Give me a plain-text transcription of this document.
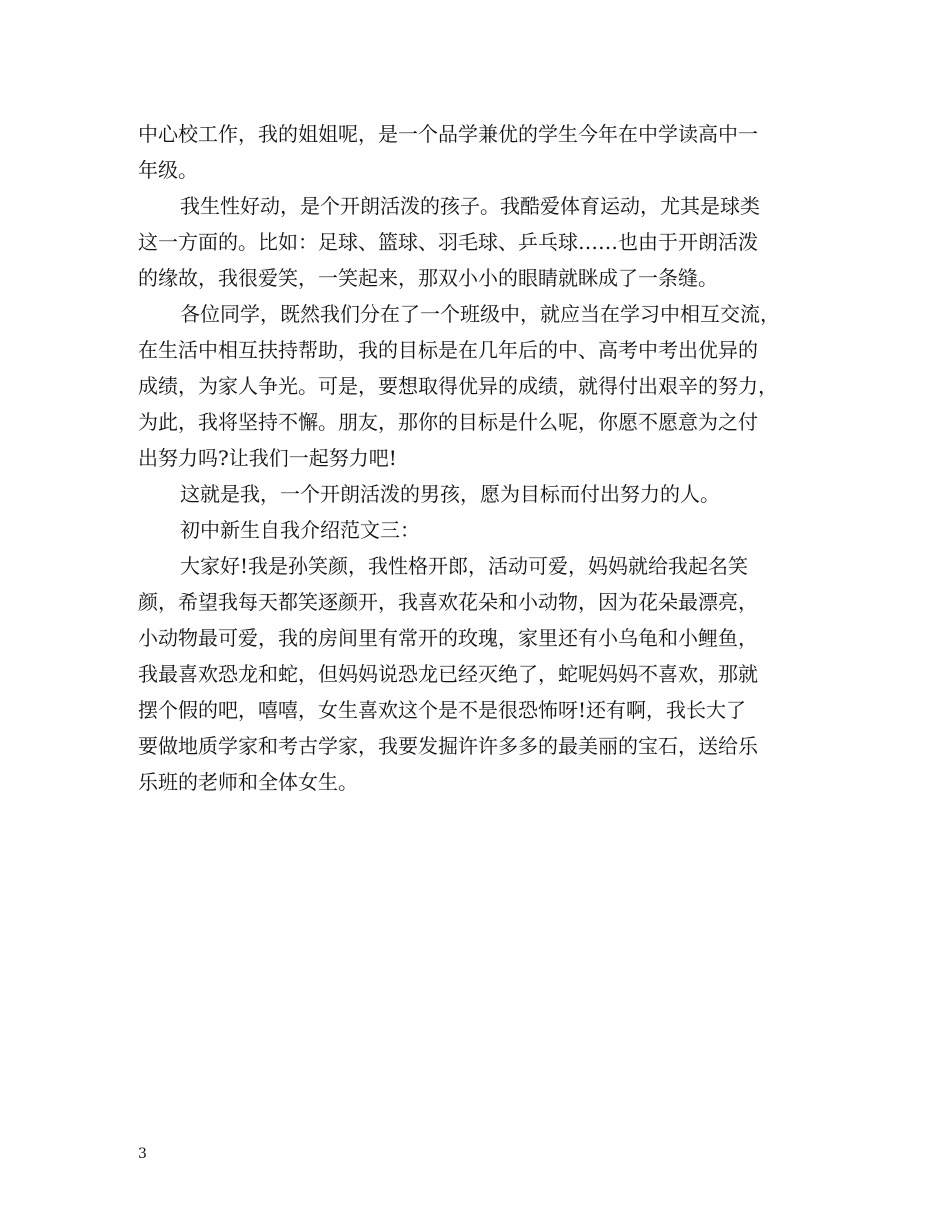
中心校工作，我的姐姐呢，是一个品学兼优的学生今年在中学读高中一
年级。
我生性好动，是个开朗活泼的孩子。我酷爱体育运动，尤其是球类
这一方面的。比如：足球、篮球、羽毛球、乒乓球……也由于开朗活泼
的缘故，我很爱笑，一笑起来，那双小小的眼睛就眯成了一条缝。
各位同学，既然我们分在了一个班级中，就应当在学习中相互交流，
在生活中相互扶持帮助，我的目标是在几年后的中、高考中考出优异的
成绩，为家人争光。可是，要想取得优异的成绩，就得付出艰辛的努力，
为此，我将坚持不懈。朋友，那你的目标是什么呢，你愿不愿意为之付
出努力吗?让我们一起努力吧!
这就是我，一个开朗活泼的男孩，愿为目标而付出努力的人。
初中新生自我介绍范文三：
大家好!我是孙笑颜，我性格开郎，活动可爱，妈妈就给我起名笑
颜，希望我每天都笑逐颜开，我喜欢花朵和小动物，因为花朵最漂亮，
小动物最可爱，我的房间里有常开的玫瑰，家里还有小乌龟和小鲤鱼，
我最喜欢恐龙和蛇，但妈妈说恐龙已经灭绝了，蛇呢妈妈不喜欢，那就
摆个假的吧，嘻嘻，女生喜欢这个是不是很恐怖呀!还有啊，我长大了
要做地质学家和考古学家，我要发掘许许多多的最美丽的宝石，送给乐
乐班的老师和全体女生。
3
